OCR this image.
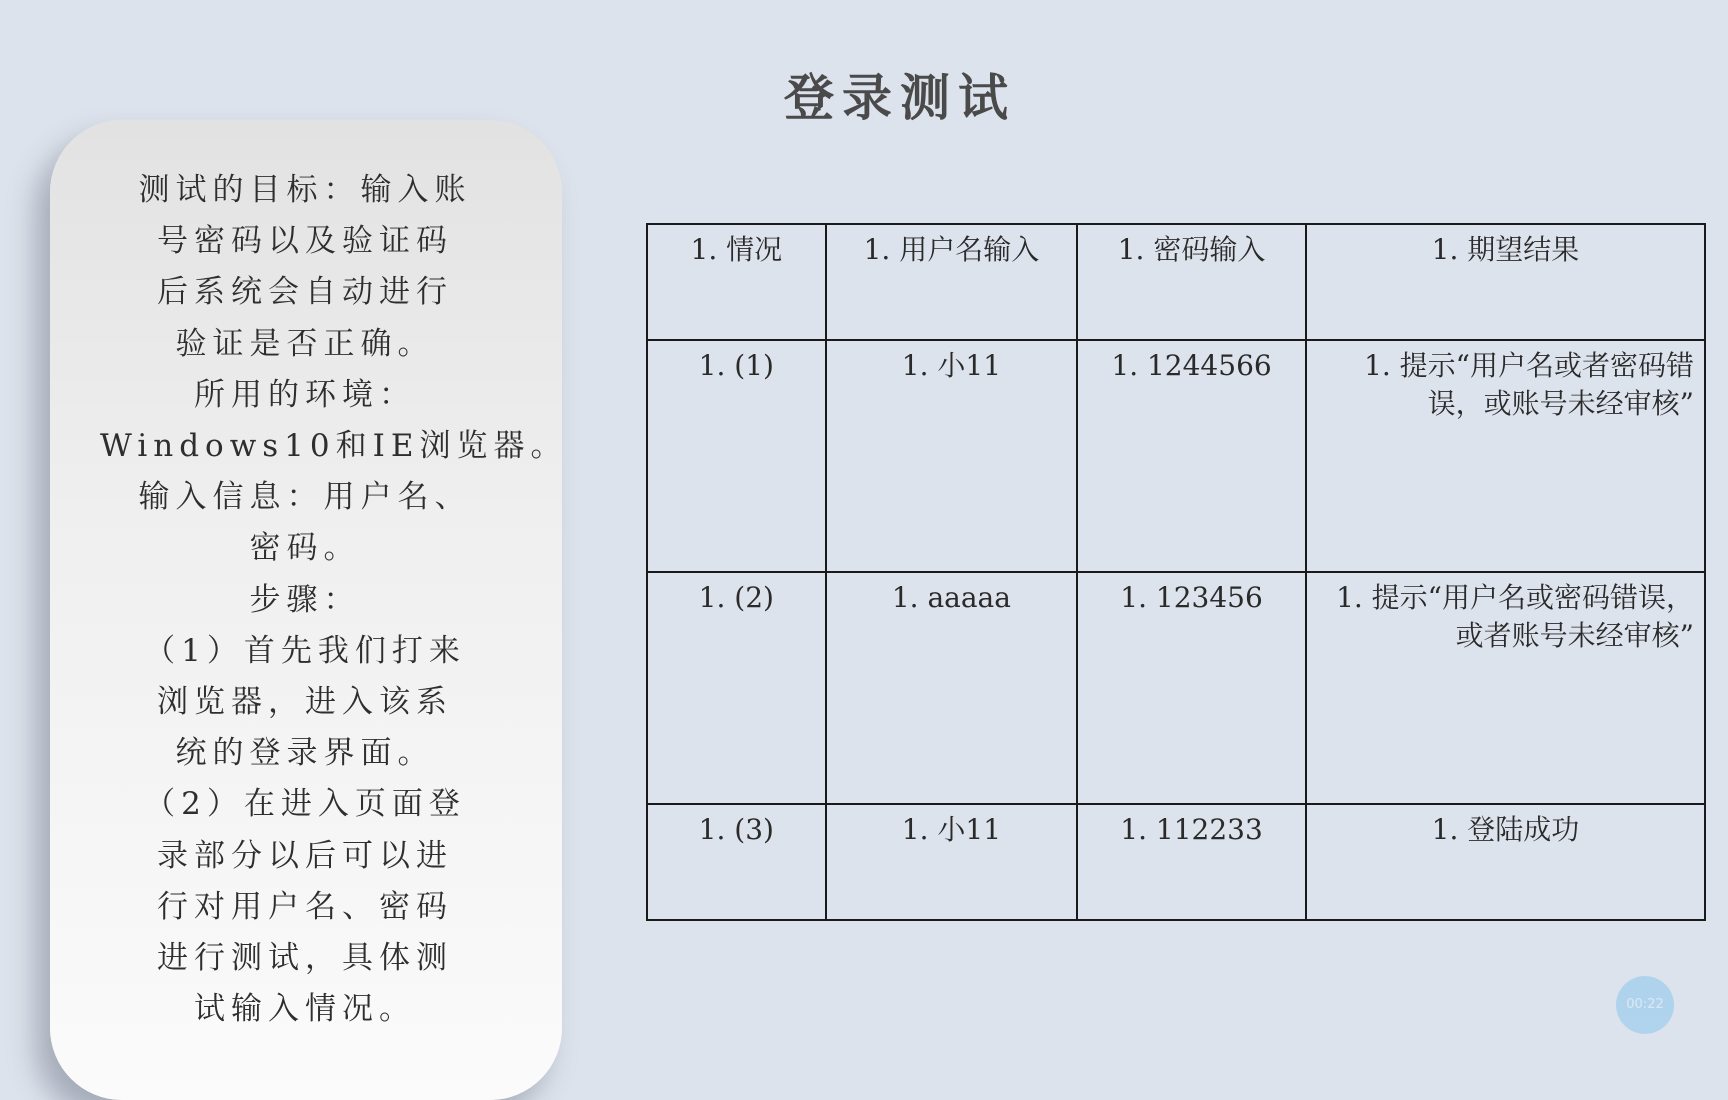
登录测试
测试的目标：输入账
号密码以及验证码
后系统会自动进行
验证是否正确。
所用的环境：
Windows10和IE浏览器。
输入信息：用户名、
密码。
步骤：
（1）首先我们打来
浏览器，进入该系
统的登录界面。
（2）在进入页面登
录部分以后可以进
行对用户名、密码
进行测试，具体测
试输入情况。
1. 情况	1. 用户名输入	1. 密码输入	1. 期望结果
1. (1)	1. 小11	1. 1244566	1. 提示“用户名或者密码错误，或账号未经审核”
1. (2)	1. aaaaa	1. 123456	1. 提示“用户名或密码错误，或者账号未经审核”
1. (3)	1. 小11	1. 112233	1. 登陆成功
00:22
